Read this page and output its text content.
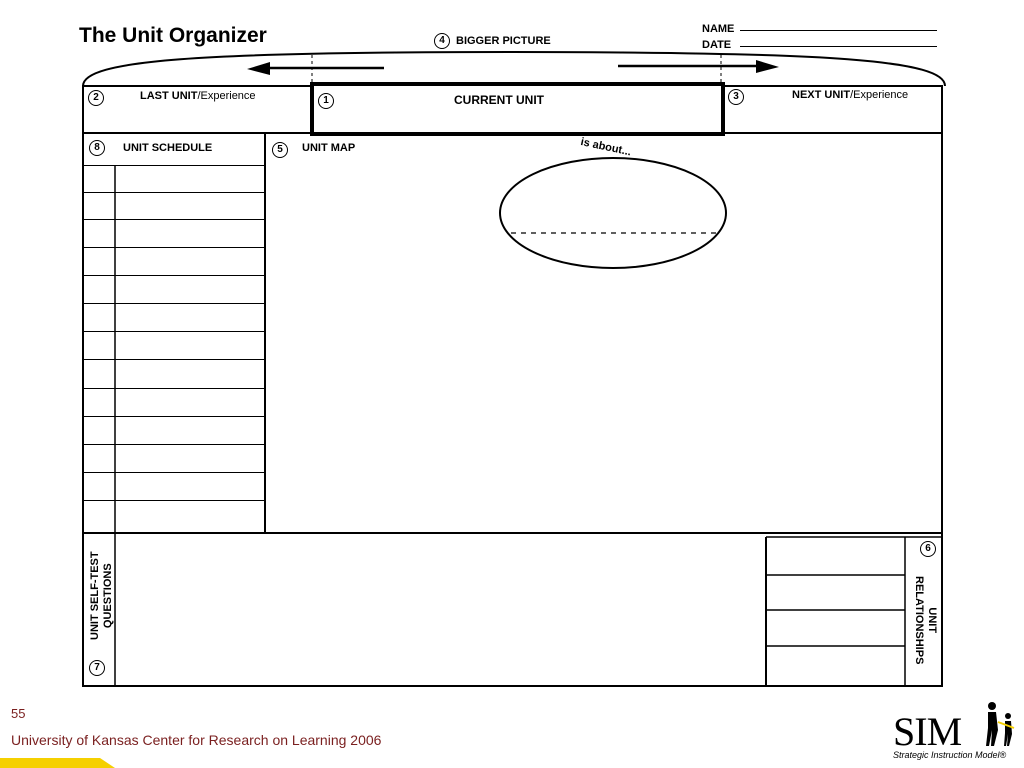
The Unit Organizer	NAME
DATE
4	BIGGER PICTURE
2	LAST UNIT/Experience	1	CURRENT UNIT	3	NEXT UNIT/Experience
8	UNIT SCHEDULE	5	UNIT MAP	is about...
UNIT SELF-TEST QUESTIONS
7
UNIT
RELATIONSHIPS
6
55
University of Kansas Center for Research on Learning 2006	SIM
Strategic Instruction Model®
